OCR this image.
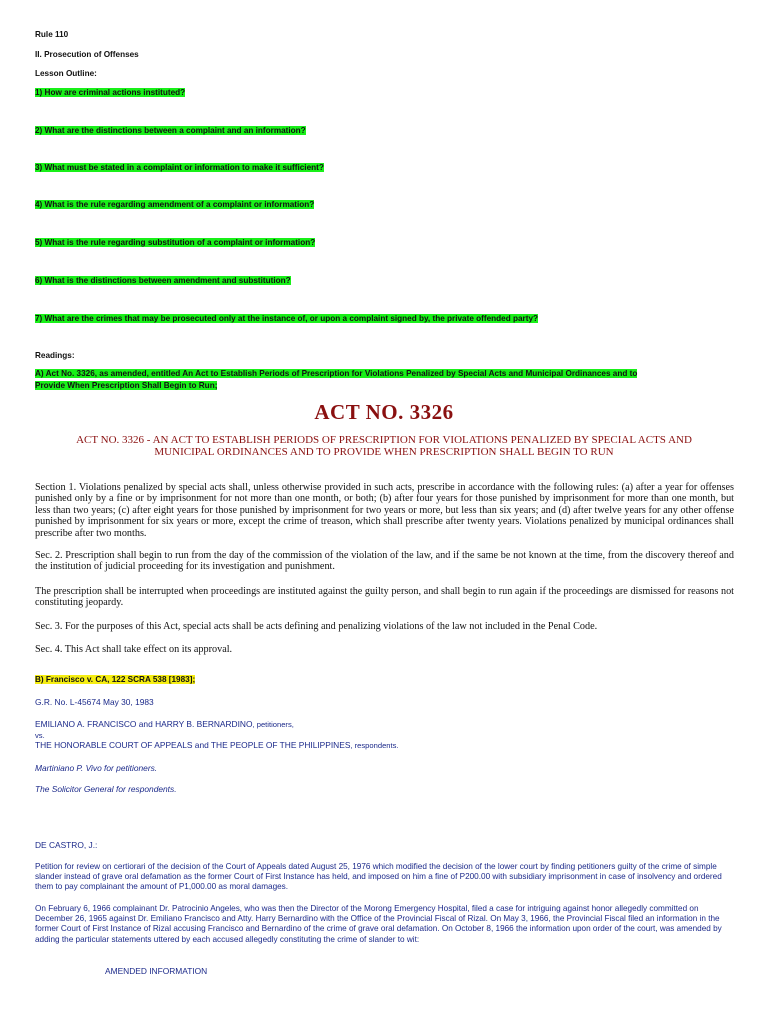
Rule 110
II. Prosecution of Offenses
Lesson Outline:
1) How are criminal actions instituted?
2) What are the distinctions between a complaint and an information?
3) What must be stated in a complaint or information to make it sufficient?
4) What is the rule regarding amendment of a complaint or information?
5) What is the rule regarding substitution of a complaint or information?
6) What is the distinctions between amendment and substitution?
7) What are the crimes that may be prosecuted only at the instance of, or upon a complaint signed by, the private offended party?
Readings:
A) Act No. 3326, as amended, entitled An Act to Establish Periods of Prescription for Violations Penalized by Special Acts and Municipal Ordinances and to
Provide When Prescription Shall Begin to Run;
ACT NO. 3326
ACT NO. 3326 - AN ACT TO ESTABLISH PERIODS OF PRESCRIPTION FOR VIOLATIONS PENALIZED BY SPECIAL ACTS AND
MUNICIPAL ORDINANCES AND TO PROVIDE WHEN PRESCRIPTION SHALL BEGIN TO RUN
Section 1. Violations penalized by special acts shall, unless otherwise provided in such acts, prescribe in accordance with the following rules: (a) after a year for offenses punished only by a fine or by imprisonment for not more than one month, or both; (b) after four years for those punished by imprisonment for more than one month, but less than two years; (c) after eight years for those punished by imprisonment for two years or more, but less than six years; and (d) after twelve years for any other offense punished by imprisonment for six years or more, except the crime of treason, which shall prescribe after twenty years. Violations penalized by municipal ordinances shall prescribe after two months.
Sec. 2. Prescription shall begin to run from the day of the commission of the violation of the law, and if the same be not known at the time, from the discovery thereof and the institution of judicial proceeding for its investigation and punishment.
The prescription shall be interrupted when proceedings are instituted against the guilty person, and shall begin to run again if the proceedings are dismissed for reasons not constituting jeopardy.
Sec. 3. For the purposes of this Act, special acts shall be acts defining and penalizing violations of the law not included in the Penal Code.
Sec. 4. This Act shall take effect on its approval.
B) Francisco v. CA, 122 SCRA 538 [1983];
G.R. No. L-45674 May 30, 1983
EMILIANO A. FRANCISCO and HARRY B. BERNARDINO, petitioners,
vs.
THE HONORABLE COURT OF APPEALS and THE PEOPLE OF THE PHILIPPINES, respondents.
Martiniano P. Vivo for petitioners.
The Solicitor General for respondents.
DE CASTRO, J.:
Petition for review on certiorari of the decision of the Court of Appeals dated August 25, 1976 which modified the decision of the lower court by finding petitioners guilty of the crime of simple slander instead of grave oral defamation as the former Court of First Instance has held, and imposed on him a fine of P200.00 with subsidiary imprisonment in case of insolvency and ordered them to pay complainant the amount of P1,000.00 as moral damages.
On February 6, 1966 complainant Dr. Patrocinio Angeles, who was then the Director of the Morong Emergency Hospital, filed a case for intriguing against honor allegedly committed on December 26, 1965 against Dr. Emiliano Francisco and Atty. Harry Bernardino with the Office of the Provincial Fiscal of Rizal. On May 3, 1966, the Provincial Fiscal filed an information in the former Court of First Instance of Rizal accusing Francisco and Bernardino of the crime of grave oral defamation. On October 8, 1966 the information upon order of the court, was amended by adding the particular statements uttered by each accused allegedly constituting the crime of slander to wit:
AMENDED INFORMATION
